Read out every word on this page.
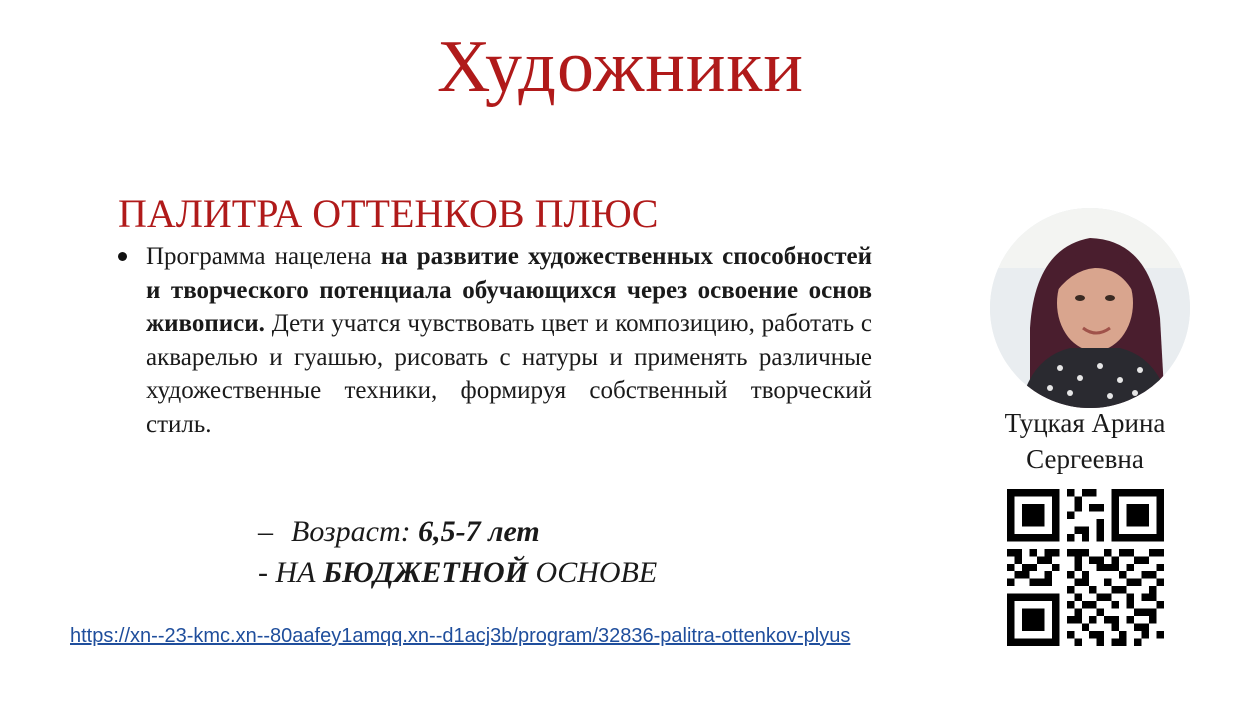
Художники
ПАЛИТРА ОТТЕНКОВ ПЛЮС
Программа нацелена на развитие художественных способностей и творческого потенциала обучающихся через освоение основ живописи. Дети учатся чувствовать цвет и композицию, работать с акварелью и гуашью, рисовать с натуры и применять различные художественные техники, формируя собственный творческий стиль.
– Возраст: 6,5-7 лет
- НА БЮДЖЕТНОЙ ОСНОВЕ
https://xn--23-kmc.xn--80aafey1amqq.xn--d1acj3b/program/32836-palitra-ottenkov-plyus
Туцкая Арина
Сергеевна
